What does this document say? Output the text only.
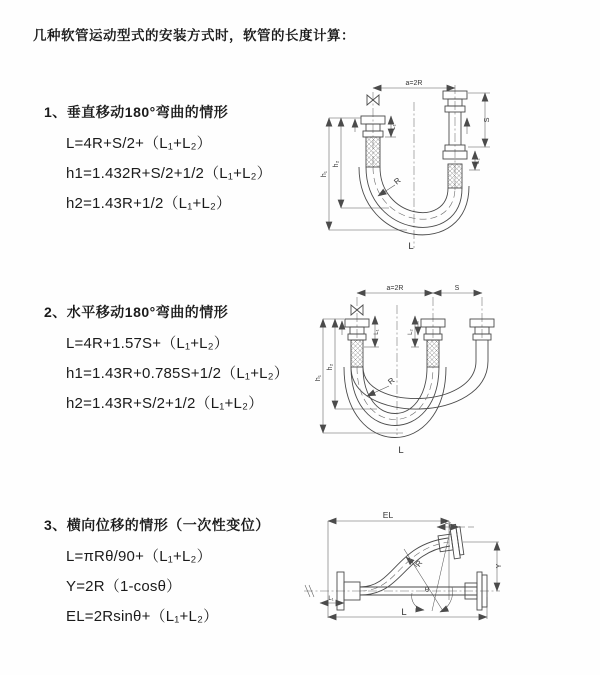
几种软管运动型式的安装方式时，软管的长度计算：
1、垂直移动180°弯曲的情形
L=4R+S/2+（L₁+L₂）
h1=1.432R+S/2+1/2（L₁+L₂）
h2=1.43R+1/2（L₁+L₂）
a=2R
h₁
h₂
L₁
S
L₂
R
L
2、水平移动180°弯曲的情形
L=4R+1.57S+（L₁+L₂）
h1=1.43R+0.785S+1/2（L₁+L₂）
h2=1.43R+S/2+1/2（L₁+L₂）
a=2R	S
h₁
h₂
L₁	L₂
R
L
3、横向位移的情形（一次性变位）
L=πRθ/90+（L₁+L₂）
Y=2R（1-cosθ）
EL=2Rsinθ+（L₁+L₂）
EL
L₂
Y
L
L₁
R
θ
